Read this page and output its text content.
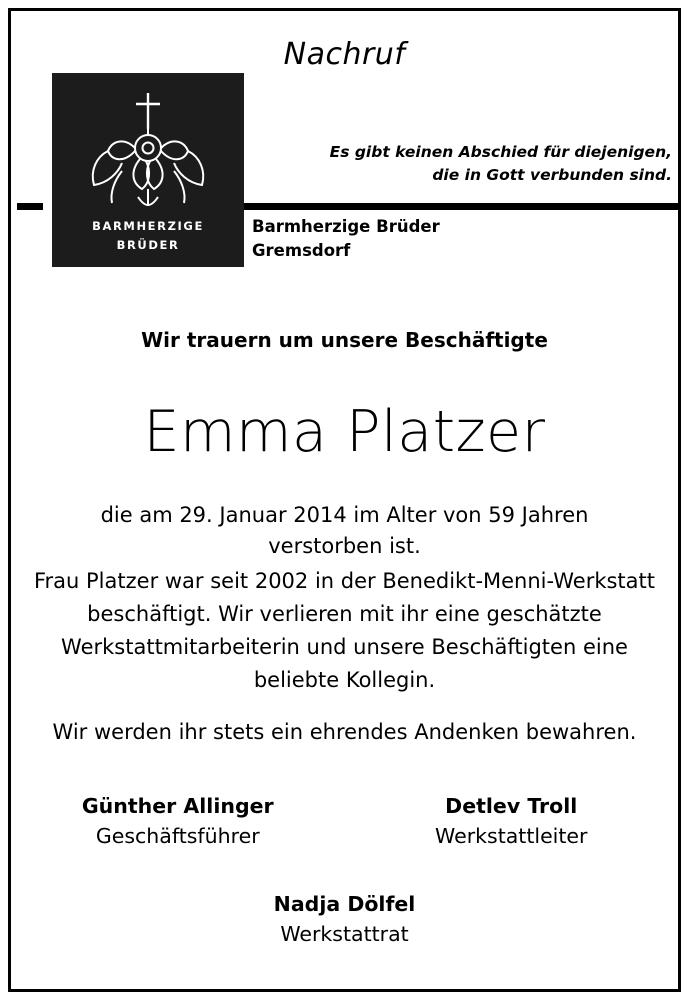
Nachruf
BARMHERZIGE
BRÜDER
Es gibt keinen Abschied für diejenigen,
die in Gott verbunden sind.
Barmherzige Brüder
Gremsdorf
Wir trauern um unsere Beschäftigte
Emma Platzer
die am 29. Januar 2014 im Alter von 59 Jahren verstorben ist.
Frau Platzer war seit 2002 in der Benedikt-Menni-Werkstatt beschäftigt. Wir verlieren mit ihr eine geschätzte Werkstattmitarbeiterin und unsere Beschäftigten eine beliebte Kollegin.
Wir werden ihr stets ein ehrendes Andenken bewahren.
Günther Allinger
Geschäftsführer
Detlev Troll
Werkstattleiter
Nadja Dölfel
Werkstattrat
